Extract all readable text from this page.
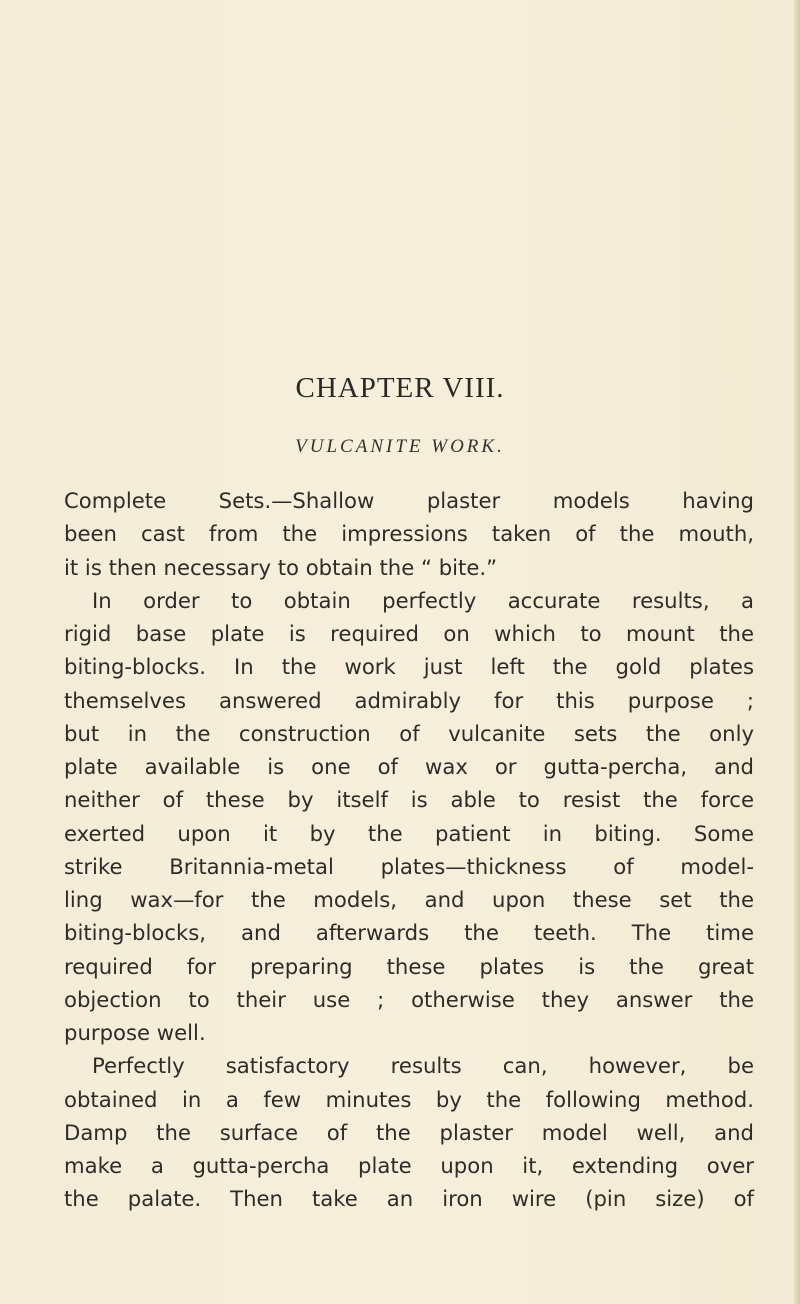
CHAPTER VIII.
VULCANITE WORK.
Complete Sets.—Shallow plaster models having
been cast from the impressions taken of the mouth,
it is then necessary to obtain the “ bite.”
In order to obtain perfectly accurate results, a
rigid base plate is required on which to mount the
biting-blocks. In the work just left the gold plates
themselves answered admirably for this purpose ;
but in the construction of vulcanite sets the only
plate available is one of wax or gutta-percha, and
neither of these by itself is able to resist the force
exerted upon it by the patient in biting. Some
strike Britannia-metal plates—thickness of model-
ling wax—for the models, and upon these set the
biting-blocks, and afterwards the teeth. The time
required for preparing these plates is the great
objection to their use ; otherwise they answer the
purpose well.
Perfectly satisfactory results can, however, be
obtained in a few minutes by the following method.
Damp the surface of the plaster model well, and
make a gutta-percha plate upon it, extending over
the palate. Then take an iron wire (pin size) of
